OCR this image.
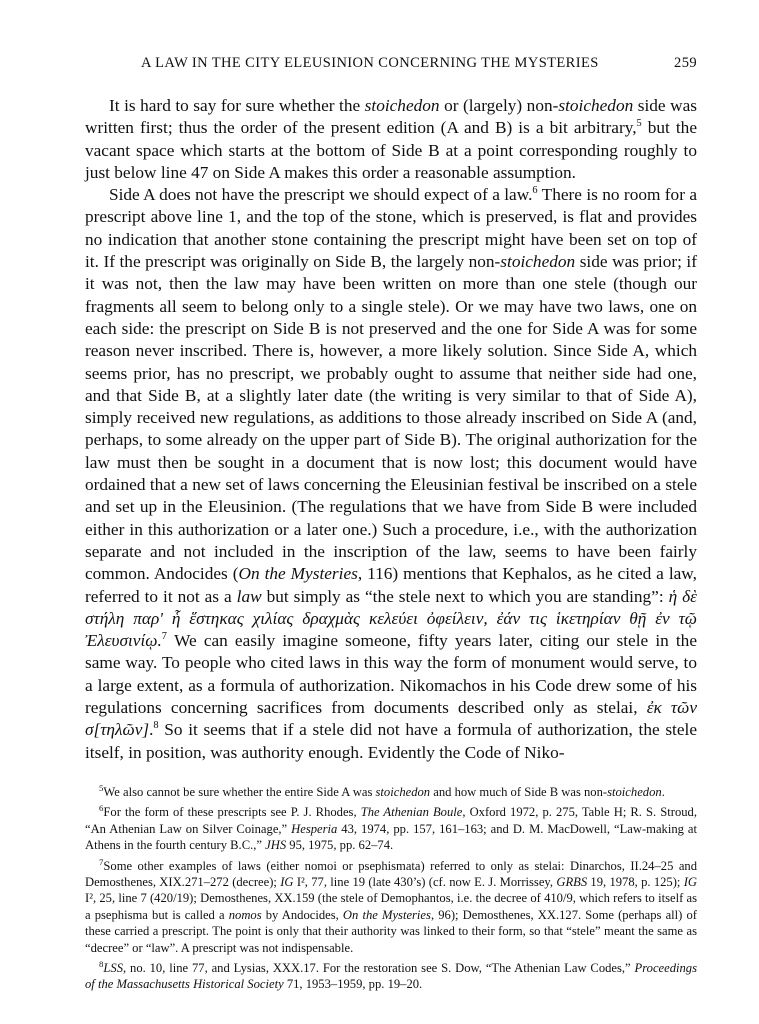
A LAW IN THE CITY ELEUSINION CONCERNING THE MYSTERIES	259

It is hard to say for sure whether the stoichedon or (largely) non-stoichedon side was written first; thus the order of the present edition (A and B) is a bit arbitrary,$^5$ but the vacant space which starts at the bottom of Side B at a point corresponding roughly to just below line 47 on Side A makes this order a reasonable assumption.

Side A does not have the prescript we should expect of a law.$^6$ There is no room for a prescript above line 1, and the top of the stone, which is preserved, is flat and provides no indication that another stone containing the prescript might have been set on top of it. If the prescript was originally on Side B, the largely non-stoichedon side was prior; if it was not, then the law may have been written on more than one stele (though our fragments all seem to belong only to a single stele). Or we may have two laws, one on each side: the prescript on Side B is not preserved and the one for Side A was for some reason never inscribed. There is, however, a more likely solution. Since Side A, which seems prior, has no prescript, we probably ought to assume that neither side had one, and that Side B, at a slightly later date (the writing is very similar to that of Side A), simply received new regulations, as additions to those already inscribed on Side A (and, perhaps, to some already on the upper part of Side B). The original authorization for the law must then be sought in a document that is now lost; this document would have ordained that a new set of laws concerning the Eleusinian festival be inscribed on a stele and set up in the Eleusinion. (The regulations that we have from Side B were included either in this authorization or a later one.) Such a procedure, i.e., with the authorization separate and not included in the inscription of the law, seems to have been fairly common. Andocides (On the Mysteries, 116) mentions that Kephalos, as he cited a law, referred to it not as a law but simply as “the stele next to which you are standing”: ἡ δὲ στήλη παρ' ἧ ἕστηκας χιλίας δραχμὰς κελεύει ὀφείλειν, ἐάν τις ἱκετηρίαν θῇ ἐν τῷ Ἐλευσινίῳ.$^7$ We can easily imagine someone, fifty years later, citing our stele in the same way. To people who cited laws in this way the form of monument would serve, to a large extent, as a formula of authorization. Nikomachos in his Code drew some of his regulations concerning sacrifices from documents described only as stelai, ἐκ τῶν σ[τηλῶν].$^8$ So it seems that if a stele did not have a formula of authorization, the stele itself, in position, was authority enough. Evidently the Code of Niko-

$^5$We also cannot be sure whether the entire Side A was stoichedon and how much of Side B was non-stoichedon.

$^6$For the form of these prescripts see P. J. Rhodes, The Athenian Boule, Oxford 1972, p. 275, Table H; R. S. Stroud, “An Athenian Law on Silver Coinage,” Hesperia 43, 1974, pp. 157, 161–163; and D. M. MacDowell, “Law-making at Athens in the fourth century B.C.,” JHS 95, 1975, pp. 62–74.

$^7$Some other examples of laws (either nomoi or psephismata) referred to only as stelai: Dinarchos, II.24–25 and Demosthenes, XIX.271–272 (decree); IG I², 77, line 19 (late 430’s) (cf. now E. J. Morrissey, GRBS 19, 1978, p. 125); IG I², 25, line 7 (420/19); Demosthenes, XX.159 (the stele of Demophantos, i.e. the decree of 410/9, which refers to itself as a psephisma but is called a nomos by Andocides, On the Mysteries, 96); Demosthenes, XX.127. Some (perhaps all) of these carried a prescript. The point is only that their authority was linked to their form, so that “stele” meant the same as “decree” or “law”. A prescript was not indispensable.

$^8$LSS, no. 10, line 77, and Lysias, XXX.17. For the restoration see S. Dow, “The Athenian Law Codes,” Proceedings of the Massachusetts Historical Society 71, 1953–1959, pp. 19–20.
